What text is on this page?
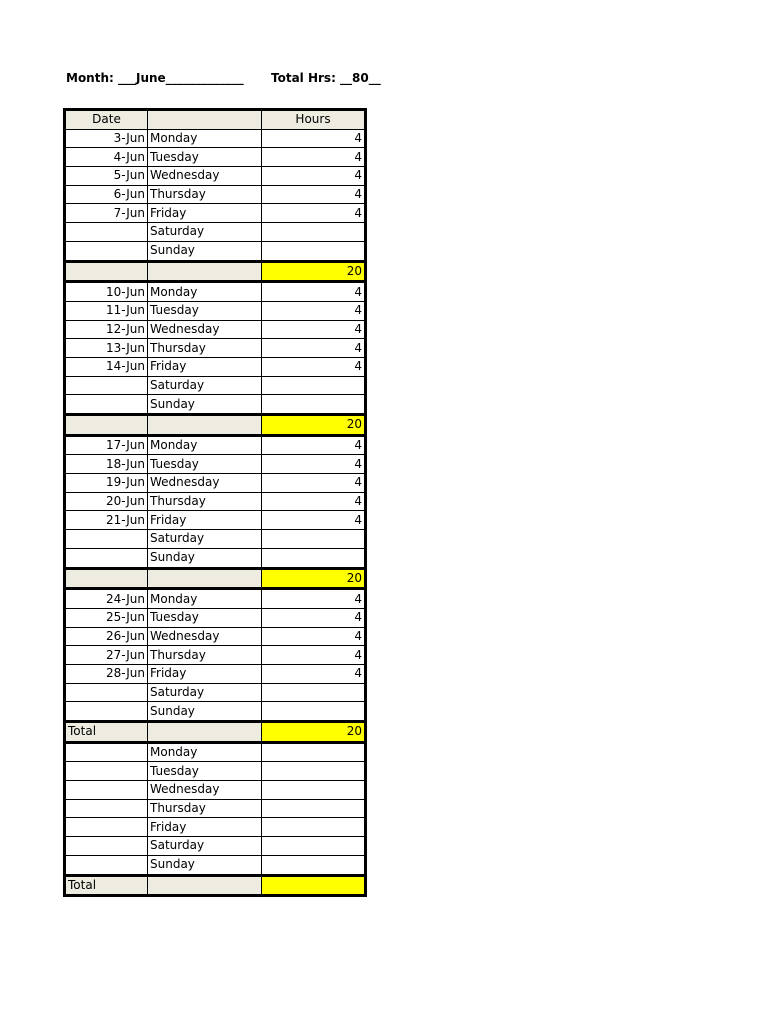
Month: ___June_____________ Total Hrs: __80__
Date		Hours
3-Jun	Monday	4
4-Jun	Tuesday	4
5-Jun	Wednesday	4
6-Jun	Thursday	4
7-Jun	Friday	4
	Saturday	
	Sunday	
		20
10-Jun	Monday	4
11-Jun	Tuesday	4
12-Jun	Wednesday	4
13-Jun	Thursday	4
14-Jun	Friday	4
	Saturday	
	Sunday	
		20
17-Jun	Monday	4
18-Jun	Tuesday	4
19-Jun	Wednesday	4
20-Jun	Thursday	4
21-Jun	Friday	4
	Saturday	
	Sunday	
		20
24-Jun	Monday	4
25-Jun	Tuesday	4
26-Jun	Wednesday	4
27-Jun	Thursday	4
28-Jun	Friday	4
	Saturday	
	Sunday	
Total		20
	Monday	
	Tuesday	
	Wednesday	
	Thursday	
	Friday	
	Saturday	
	Sunday	
Total		
